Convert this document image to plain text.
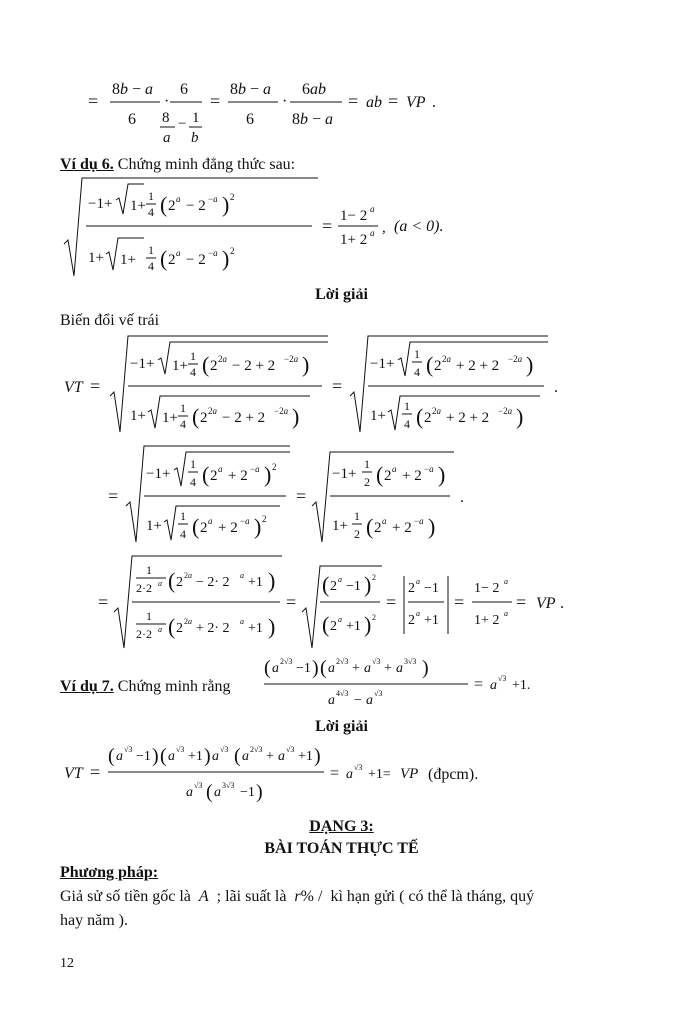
=
8b − a
6
·
6
8
a
− 1
b
=
8b − a
6
·
6ab
8b − a
= ab = VP .
Ví dụ 6. Chứng minh đẳng thức sau:
−1+ 1+
1
4 ( 2 a − 2 −a ) 2
1+ 1+
1
4 ( 2 a − 2 −a ) 2
= 1− 2 a
1+ 2 a , (a < 0).
Lời giải
Biến đổi vế trái
VT =
−1+ 1+
1
4 ( 2 2a − 2 + 2 −2a )
1+ 1+
1
4 ( 2 2a − 2 + 2 −2a )
=
−1+
1
4 ( 2 2a + 2 + 2 −2a )
1+
1
4 ( 2 2a + 2 + 2 −2a )
.
=
−1+
1
4 ( 2 a + 2 −a ) 2
1+
1
4 ( 2 a + 2 −a ) 2
=
−1+
1
2 ( 2 a + 2 −a )
1+
1
2 ( 2 a + 2 −a )
.
=
1
2·2 a ( 2 2a − 2· 2 a +1 )
1
2·2 a ( 2 2a + 2· 2 a +1 )
=
( 2 a −1 ) 2
( 2 a +1 ) 2
=
2 a −1
2 a +1
=
1− 2 a
1+ 2 a
= VP .
Ví dụ 7. Chứng minh rằng
( a 2√3 −1 ) ( a 2√3 + a √3 + a 3√3 )
a 4√3 − a √3
= a √3 +1.
Lời giải
VT =
( a √3 −1 ) ( a √3 +1 ) a √3 ( a 2√3 + a √3 +1 )
a √3 ( a 3√3 −1 )
= a √3 +1= VP (đpcm).
DẠNG 3:
BÀI TOÁN THỰC TẾ
Phương pháp:
Giả sử số tiền gốc là  A  ; lãi suất là  r% /  kì hạn gửi ( có thể là tháng, quý
hay năm ).
12
